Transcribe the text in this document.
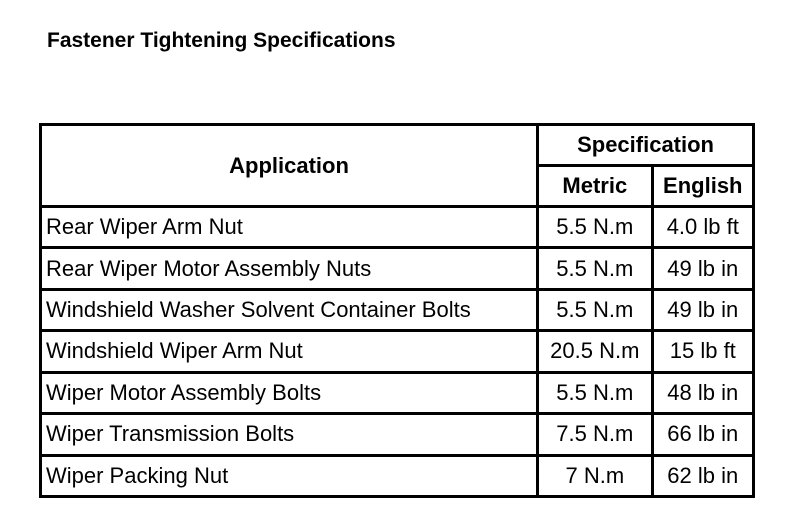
Fastener Tightening Specifications
Application	Specification	
	Metric	English
Rear Wiper Arm Nut	5.5 N.m	4.0 lb ft
Rear Wiper Motor Assembly Nuts	5.5 N.m	49 lb in
Windshield Washer Solvent Container Bolts	5.5 N.m	49 lb in
Windshield Wiper Arm Nut	20.5 N.m	15 lb ft
Wiper Motor Assembly Bolts	5.5 N.m	48 lb in
Wiper Transmission Bolts	7.5 N.m	66 lb in
Wiper Packing Nut	7 N.m	62 lb in
